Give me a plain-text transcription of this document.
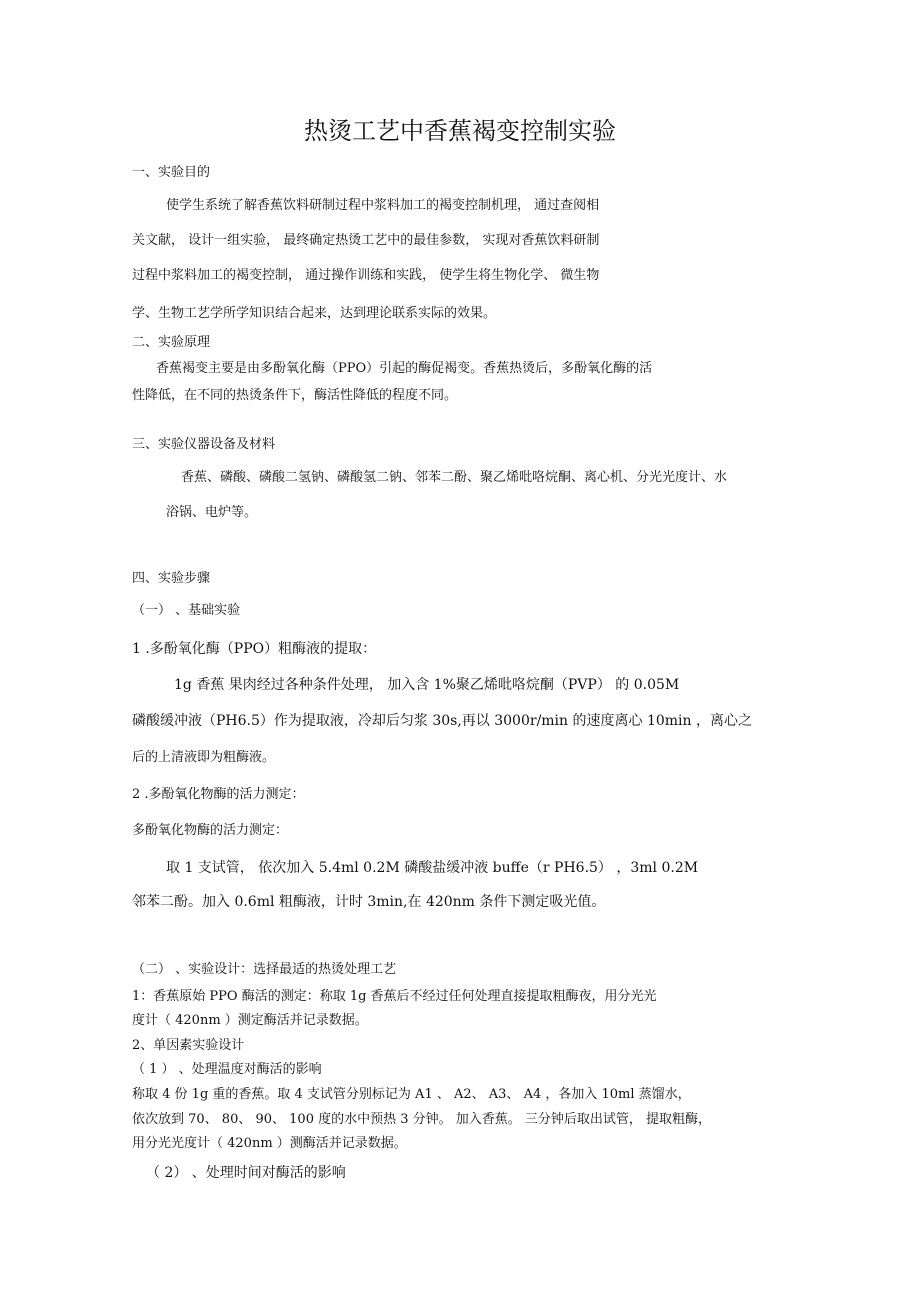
热烫工艺中香蕉褐变控制实验
一、实验目的
使学生系统了解香蕉饮料研制过程中浆料加工的褐变控制机理， 通过查阅相
关文献， 设计一组实验， 最终确定热烫工艺中的最佳参数， 实现对香蕉饮料研制
过程中浆料加工的褐变控制， 通过操作训练和实践， 使学生将生物化学、 微生物
学、生物工艺学所学知识结合起来，达到理论联系实际的效果。
二、实验原理
香蕉褐变主要是由多酚氧化酶（PPO）引起的酶促褐变。香蕉热烫后，多酚氧化酶的活
性降低，在不同的热烫条件下，酶活性降低的程度不同。
三、实验仪器设备及材料
香蕉、磷酸、磷酸二氢钠、磷酸氢二钠、邻苯二酚、聚乙烯吡咯烷酮、离心机、分光光度计、水
浴锅、电炉等。
四、实验步骤
（一） 、基础实验
1 .多酚氧化酶（PPO）粗酶液的提取：
1g 香蕉 果肉经过各种条件处理， 加入含 1%聚乙烯吡咯烷酮（PVP） 的 0.05M
磷酸缓冲液（PH6.5）作为提取液，冷却后匀浆 30s,再以 3000r/min 的速度离心 10min ，离心之
后的上清液即为粗酶液。
2 .多酚氧化物酶的活力测定：
多酚氧化物酶的活力测定：
取 1 支试管， 依次加入 5.4ml 0.2M 磷酸盐缓冲液 buffe（r PH6.5） ，3ml 0.2M
邻苯二酚。加入 0.6ml 粗酶液，计时 3min,在 420nm 条件下测定吸光值。
（二） 、实验设计：选择最适的热烫处理工艺
1：香蕉原始 PPO 酶活的测定：称取 1g 香蕉后不经过任何处理直接提取粗酶夜，用分光光
度计（ 420nm ）测定酶活并记录数据。
2、单因素实验设计
（ 1 ） 、处理温度对酶活的影响
称取 4 份 1g 重的香蕉。取 4 支试管分别标记为 A1 、 A2、 A3、 A4 ，各加入 10ml 蒸馏水，
依次放到 70、 80、 90、 100 度的水中预热 3 分钟。 加入香蕉。 三分钟后取出试管， 提取粗酶，
用分光光度计（ 420nm ）测酶活并记录数据。
（ 2） 、处理时间对酶活的影响
